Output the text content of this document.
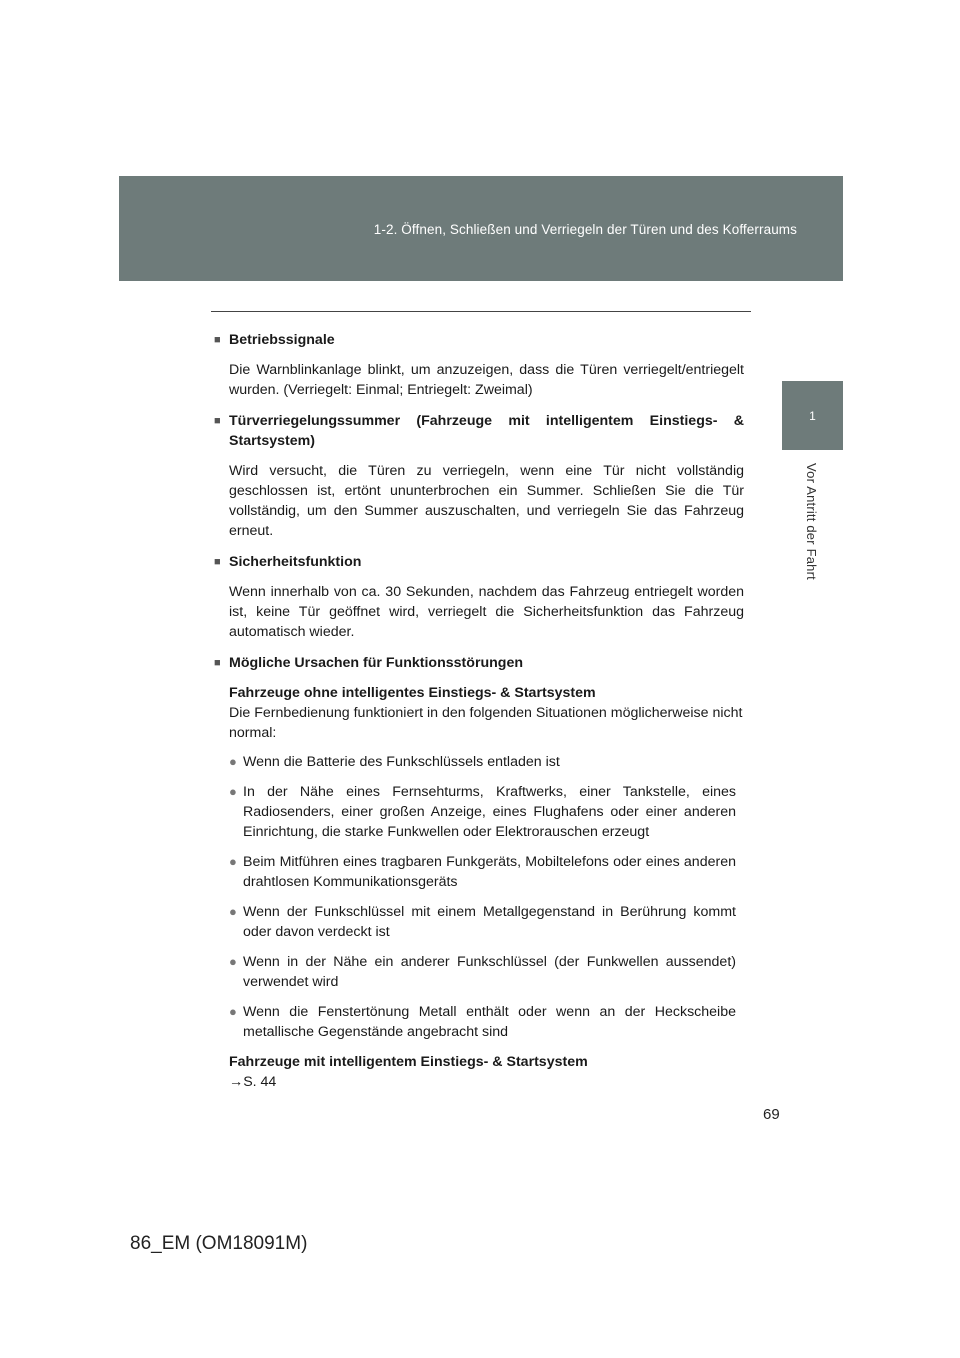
1-2. Öffnen, Schließen und Verriegeln der Türen und des Kofferraums
1
Vor Antritt der Fahrt
■ Betriebssignale
Die Warnblinkanlage blinkt, um anzuzeigen, dass die Türen verriegelt/entriegelt wurden. (Verriegelt: Einmal; Entriegelt: Zweimal)
■ Türverriegelungssummer (Fahrzeuge mit intelligentem Einstiegs- & Startsystem)
Wird versucht, die Türen zu verriegeln, wenn eine Tür nicht vollständig geschlossen ist, ertönt ununterbrochen ein Summer. Schließen Sie die Tür vollständig, um den Summer auszuschalten, und verriegeln Sie das Fahrzeug erneut.
■ Sicherheitsfunktion
Wenn innerhalb von ca. 30 Sekunden, nachdem das Fahrzeug entriegelt worden ist, keine Tür geöffnet wird, verriegelt die Sicherheitsfunktion das Fahrzeug automatisch wieder.
■ Mögliche Ursachen für Funktionsstörungen
Fahrzeuge ohne intelligentes Einstiegs- & Startsystem
Die Fernbedienung funktioniert in den folgenden Situationen möglicherweise nicht normal:
● Wenn die Batterie des Funkschlüssels entladen ist
● In der Nähe eines Fernsehturms, Kraftwerks, einer Tankstelle, eines Radiosenders, einer großen Anzeige, eines Flughafens oder einer anderen Einrichtung, die starke Funkwellen oder Elektrorauschen erzeugt
● Beim Mitführen eines tragbaren Funkgeräts, Mobiltelefons oder eines anderen drahtlosen Kommunikationsgeräts
● Wenn der Funkschlüssel mit einem Metallgegenstand in Berührung kommt oder davon verdeckt ist
● Wenn in der Nähe ein anderer Funkschlüssel (der Funkwellen aussendet) verwendet wird
● Wenn die Fenstertönung Metall enthält oder wenn an der Heckscheibe metallische Gegenstände angebracht sind
Fahrzeuge mit intelligentem Einstiegs- & Startsystem
→S. 44
69
86_EM (OM18091M)
